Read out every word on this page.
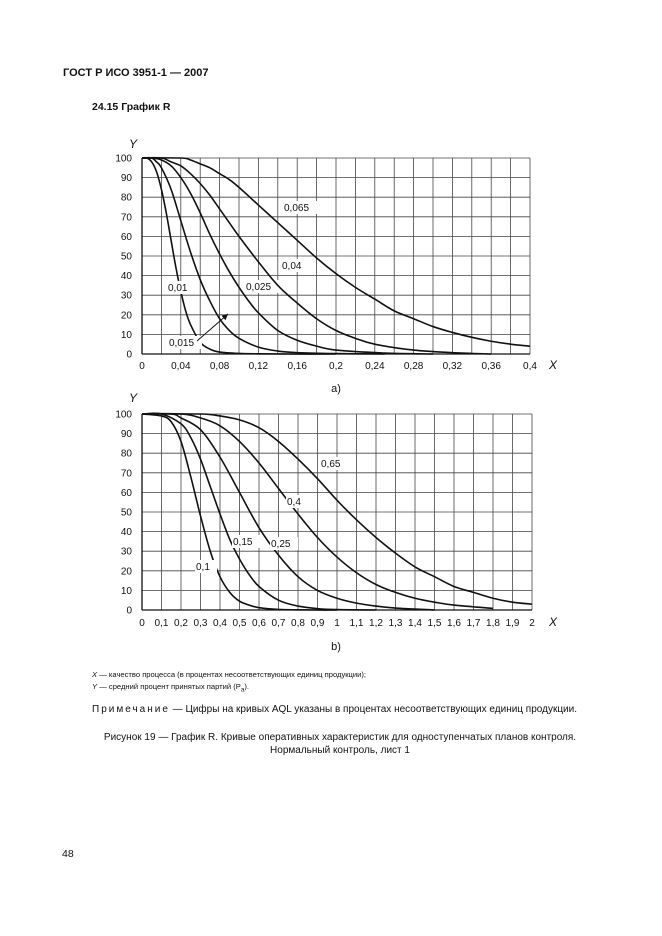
ГОСТ Р ИСО 3951-1 — 2007
24.15 График R
0
10
20
30
40
50
60
70
80
90
100
0	0,04 0,08 0,12 0,16 0,2 0,24 0,28 0,32 0,36 0,4 X
Y
a)
0,01
0,015
0,025
0,04
0,065
0
10
20
30
40
50
60
70
80
90
100
0 0,1 0,2 0,3 0,4 0,5 0,6 0,7 0,8 0,9 1 1,1 1,2 1,3 1,4 1,5 1,6 1,7 1,8 1,9 2 X
Y
b)
0,1
0,15 0,25
0,4
0,65
X — качество процесса (в процентах несоответствующих единиц продукции);
Y — средний процент принятых партий $(P_a)$.
Примечание — Цифры на кривых AQL указаны в процентах несоответствующих единиц продукции.
Рисунок 19 — График R. Кривые оперативных характеристик для одноступенчатых планов контроля.
Нормальный контроль, лист 1
48
